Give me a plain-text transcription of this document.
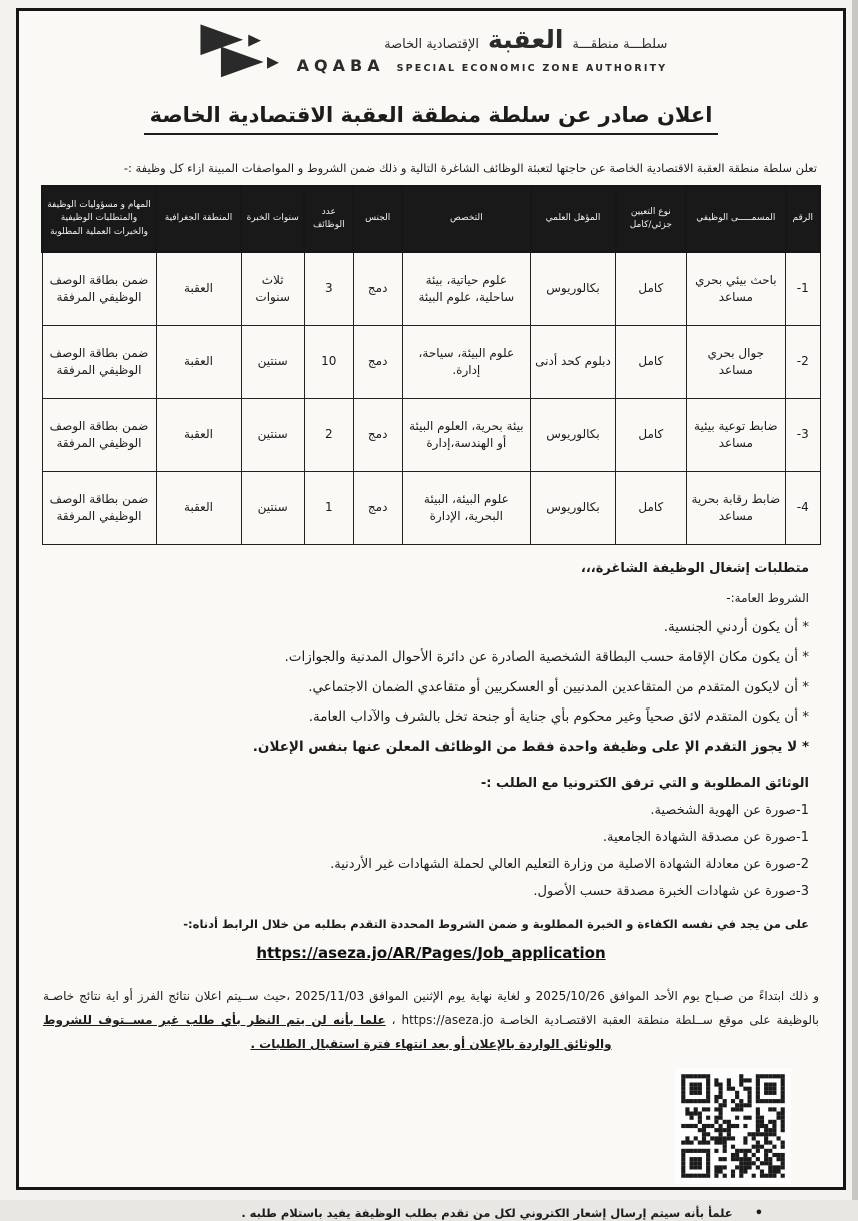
سلطـــة منطقـــة
العقبة
الإقتصادية الخاصة
AQABA SPECIAL ECONOMIC ZONE AUTHORITY
اعلان صادر عن سلطة منطقة العقبة الاقتصادية الخاصة

تعلن سلطة منطقة العقبة الاقتصادية الخاصة عن حاجتها لتعبئة الوظائف الشاغرة التالية و ذلك ضمن الشروط و المواصفات المبينة ازاء كل وظيفة :-

الرقم	المسمـــــى الوظيفي	نوع التعيين جزئي/كامل	المؤهل العلمي	التخصص	الجنس	عدد الوظائف	سنوات الخبرة	المنطقة الجغرافية	المهام و مسؤوليات الوظيفة والمتطلبات الوظيفية والخبرات العملية المطلوبة
-1	باحث بيئي بحري مساعد	كامل	بكالوريوس	علوم حياتية، بيئة ساحلية، علوم البيئة	دمج	3	ثلاث سنوات	العقبة	ضمن بطاقة الوصف الوظيفي المرفقة
-2	جوال بحري مساعد	كامل	دبلوم كحد أدنى	علوم البيئة، سياحة، إدارة.	دمج	10	سنتين	العقبة	ضمن بطاقة الوصف الوظيفي المرفقة
-3	ضابط توعية بيئية مساعد	كامل	بكالوريوس	بيئة بحرية، العلوم البيئة أو الهندسة،إدارة	دمج	2	سنتين	العقبة	ضمن بطاقة الوصف الوظيفي المرفقة
-4	ضابط رقابة بحرية مساعد	كامل	بكالوريوس	علوم البيئة، البيئة البحرية، الإدارة	دمج	1	سنتين	العقبة	ضمن بطاقة الوصف الوظيفي المرفقة
متطلبات إشغال الوظيفة الشاغرة،،،
الشروط العامة:-
* أن يكون أردني الجنسية.
* أن يكون مكان الإقامة حسب البطاقة الشخصية الصادرة عن دائرة الأحوال المدنية والجوازات.
* أن لايكون المتقدم من المتقاعدين المدنيين أو العسكريين أو متقاعدي الضمان الاجتماعي.
* أن يكون المتقدم لائق صحياً وغير محكوم بأي جناية أو جنحة تخل بالشرف والآداب العامة.
* لا يجوز التقدم الإ على وظيفة واحدة فقط من الوظائف المعلن عنها بنفس الإعلان.
الوثائق المطلوبة و التي ترفق الكترونيا مع الطلب :-
1-صورة عن الهوية الشخصية.
1-صورة عن مصدقة الشهادة الجامعية.
2-صورة عن معادلة الشهادة الاصلية من وزارة التعليم العالي لحملة الشهادات غير الأردنية.
3-صورة عن شهادات الخبرة مصدقة حسب الأصول.
على من يجد في نفسه الكفاءة و الخبرة المطلوبة و ضمن الشروط المحددة التقدم بطلبه من خلال الرابط أدناه:-
https://aseza.jo/AR/Pages/Job_application
و ذلك ابتداءً من صـباح يوم الأحد الموافق 2025/10/26 و لغاية نهاية يوم الإثنين الموافق 2025/11/03 ،حيث ســيتم اعلان نتائج الفرز أو اية نتائج خاصـة بالوظيفة على موقع ســلطة منطقة العقبة الاقتصـادية الخاصـة https://aseza.jo ، علما بأنه لن يتم النظر بأي طلب غير مســتوف للشروط والوثائق الواردة بالإعلان أو بعد انتهاء فترة استقبال الطلبات .
• علمأ بأنه سيتم إرسال إشعار الكتروني لكل من تقدم بطلب الوظيفة يفيد باستلام طلبه .
